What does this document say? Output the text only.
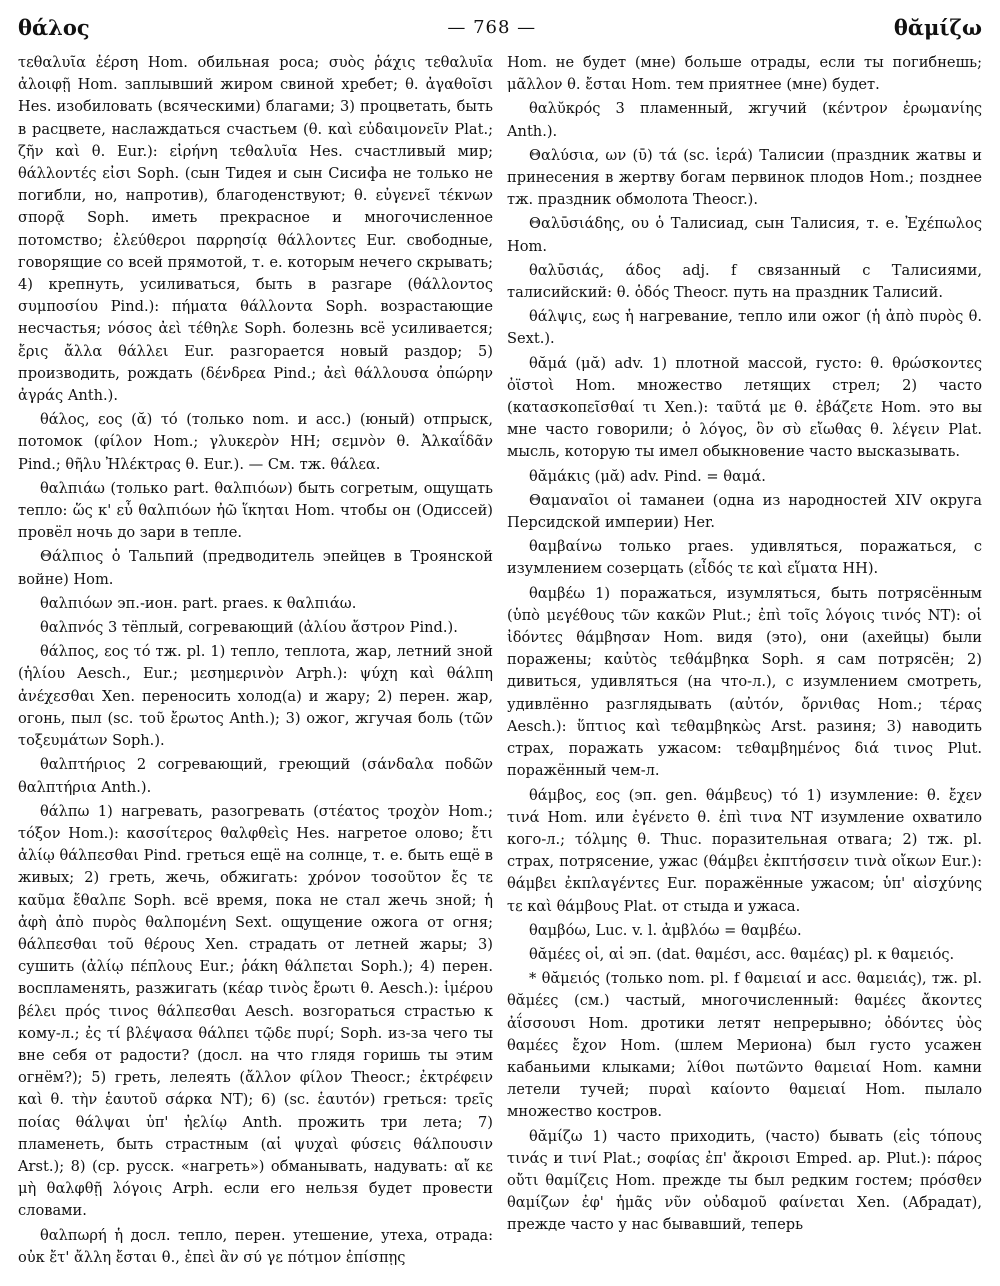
θάλος	— 768 —	θᾰμίζω

τεθαλυῖα ἐέρση Hom. обильная роса; συὸς ῥάχις τεθαλυῖα ἀλοιφῇ Hom. заплывший жиром свиной хребет; θ. ἀγαθοῖσι Hes. изобиловать (всяческими) благами; 3) процветать, быть в расцвете, наслаждаться счастьем (θ. καὶ εὐδαιμονεῖν Plat.; ζῆν καὶ θ. Eur.): εἰρήνη τεθαλυῖα Hes. счастливый мир; θάλλοντές εἰσι Soph. (сын Тидея и сын Сисифа не только не погибли, но, напротив), благоденствуют; θ. εὐγενεῖ τέκνων σπορᾷ Soph. иметь прекрасное и многочисленное потомство; ἐλεύθεροι παρρησίᾳ θάλλοντες Eur. свободные, говорящие со всей прямотой, т. е. которым нечего скрывать; 4) крепнуть, усиливаться, быть в разгаре (θάλλοντος συμποσίου Pind.): πήματα θάλλοντα Soph. возрастающие несчастья; νόσος ἀεὶ τέθηλε Soph. болезнь всё усиливается; ἔρις ἄλλα θάλλει Eur. разгорается новый раздор; 5) производить, рождать (δένδρεα Pind.; ἀεὶ θάλλουσα ὀπώρην ἀγράς Anth.).

θάλος, εος (ᾰ) τό (только nom. и acc.) (юный) отпрыск, потомок (φίλον Hom.; γλυκερὸν HH; σεμνὸν θ. Ἀλκαΐδᾶν Pind.; θῆλυ Ἠλέκτρας θ. Eur.). — См. тж. θάλεα.

θαλπιάω (только part. θαλπιόων) быть согретым, ощущать тепло: ὥς κ' εὖ θαλπιόων ἠῶ ἵκηται Hom. чтобы он (Одиссей) провёл ночь до зари в тепле.

Θάλπιος ὁ Тальпий (предводитель эпейцев в Троянской войне) Hom.

θαλπιόων эп.-ион. part. praes. к θαλπιάω.

θαλπνός 3 тёплый, согревающий (ἀλίου ἄστρον Pind.).

θάλπος, εος τό тж. pl. 1) тепло, теплота, жар, летний зной (ἡλίου Aesch., Eur.; μεσημερινὸν Arph.): ψύχη καὶ θάλπη ἀνέχεσθαι Xen. переносить холод(а) и жару; 2) перен. жар, огонь, пыл (sc. τοῦ ἔρωτος Anth.); 3) ожог, жгучая боль (τῶν τοξευμάτων Soph.).

θαλπτήριος 2 согревающий, греющий (σάνδαλα ποδῶν θαλπτήρια Anth.).

θάλπω 1) нагревать, разогревать (στέατος τροχὸν Hom.; τόξον Hom.): κασσίτερος θαλφθεὶς Hes. нагретое олово; ἔτι ἀλίῳ θάλπεσθαι Pind. греться ещё на солнце, т. е. быть ещё в живых; 2) греть, жечь, обжигать: χρόνον τοσοῦτον ἔς τε καῦμα ἔθαλπε Soph. всё время, пока не стал жечь зной; ἡ ἀφὴ ἀπὸ πυρὸς θαλπομένη Sext. ощущение ожога от огня; θάλπεσθαι τοῦ θέρους Xen. страдать от летней жары; 3) сушить (ἀλίῳ πέπλους Eur.; ῥάκη θάλπεται Soph.); 4) перен. воспламенять, разжигать (κέαρ τινὸς ἔρωτι θ. Aesch.): ἱμέρου βέλει πρός τινος θάλπεσθαι Aesch. возгораться страстью к кому-л.; ἐς τί βλέψασα θάλπει τῷδε πυρί; Soph. из-за чего ты вне себя от радости? (досл. на что глядя горишь ты этим огнём?); 5) греть, лелеять (ἄλλον φίλον Theocr.; ἐκτρέφειν καὶ θ. τὴν ἑαυτοῦ σάρκα NT); 6) (sc. ἑαυτόν) греться: τρεῖς ποίας θάλψαι ὑπ' ἠελίῳ Anth. прожить три лета; 7) пламенеть, быть страстным (αἱ ψυχαὶ φύσεις θάλπουσιν Arst.); 8) (ср. русск. «нагреть») обманывать, надувать: αἴ κε μὴ θαλφθῇ λόγοις Arph. если его нельзя будет провести словами.

θαλπωρή ἡ досл. тепло, перен. утешение, утеха, отрада: οὐκ ἔτ' ἄλλη ἔσται θ., ἐπεὶ ἂν σύ γε πότμον ἐπίσπῃς

Hom. не будет (мне) больше отрады, если ты погибнешь; μᾶλλον θ. ἔσται Hom. тем приятнее (мне) будет.

θαλῠκρός 3 пламенный, жгучий (κέντρον ἐρωμανίης Anth.).

Θαλύσια, ων (ῡ) τά (sc. ἱερά) Талисии (праздник жатвы и принесения в жертву богам первинок плодов Hom.; позднее тж. праздник обмолота Theocr.).

Θαλῡσιάδης, ου ὁ Талисиад, сын Талисия, т. е. Ἐχέπωλος Hom.

θαλῡσιάς, άδος adj. f связанный с Талисиями, талисийский: θ. ὁδός Theocr. путь на праздник Талисий.

θάλψις, εως ἡ нагревание, тепло или ожог (ἡ ἀπὸ πυρὸς θ. Sext.).

θᾰμά (μᾰ) adv. 1) плотной массой, густо: θ. θρώσκοντες ὀϊστοὶ Hom. множество летящих стрел; 2) часто (κατασκοπεῖσθαί τι Xen.): ταῦτά με θ. ἐβάζετε Hom. это вы мне часто говорили; ὁ λόγος, ὃν σὺ εἴωθας θ. λέγειν Plat. мысль, которую ты имел обыкновение часто высказывать.

θᾰμάκις (μᾰ) adv. Pind. = θαμά.

Θαμαναῖοι οἱ таманеи (одна из народностей XIV округа Персидской империи) Her.

θαμβαίνω только praes. удивляться, поражаться, с изумлением созерцать (εἶδός τε καὶ εἵματα HH).

θαμβέω 1) поражаться, изумляться, быть потрясённым (ὑπὸ μεγέθους τῶν κακῶν Plut.; ἐπὶ τοῖς λόγοις τινός NT): οἱ ἰδόντες θάμβησαν Hom. видя (это), они (ахейцы) были поражены; καὐτὸς τεθάμβηκα Soph. я сам потрясён; 2) дивиться, удивляться (на что-л.), с изумлением смотреть, удивлённо разглядывать (αὐτόν, ὄρνιθας Hom.; τέρας Aesch.): ὕπτιος καὶ τεθαμβηκὼς Arst. разиня; 3) наводить страх, поражать ужасом: τεθαμβημένος διά τινος Plut. поражённый чем-л.

θάμβος, εος (эп. gen. θάμβευς) τό 1) изумление: θ. ἔχεν τινά Hom. или ἐγένετο θ. ἐπὶ τινα NT изумление охватило кого-л.; τόλμης θ. Thuc. поразительная отвага; 2) тж. pl. страх, потрясение, ужас (θάμβει ἐκπτήσσειν τινὰ οἴκων Eur.): θάμβει ἐκπλαγέντες Eur. поражённые ужасом; ὑπ' αἰσχύνης τε καὶ θάμβους Plat. от стыда и ужаса.

θαμβόω, Luc. v. l. ἀμβλόω = θαμβέω.

θᾰμέες οἱ, αἱ эп. (dat. θαμέσι, acc. θαμέας) pl. к θαμειός.

* θᾰμειός (только nom. pl. f θαμειαί и acc. θαμειάς), тж. pl. θᾰμέες (см.) частый, многочисленный: θαμέες ἄκοντες ἀΐσσουσι Hom. дротики летят непрерывно; ὀδόντες ὑὸς θαμέες ἔχον Hom. (шлем Мериона) был густо усажен кабаньими клыками; λίθοι πωτῶντο θαμειαί Hom. камни летели тучей; πυραὶ καίοντο θαμειαί Hom. пылало множество костров.

θᾰμίζω 1) часто приходить, (часто) бывать (εἰς τόπους τινάς и τινί Plat.; σοφίας ἐπ' ἄκροισι Emped. ap. Plut.): πάρος οὔτι θαμίζεις Hom. прежде ты был редким гостем; πρόσθεν θαμίζων ἐφ' ἡμᾶς νῦν οὐδαμοῦ φαίνεται Xen. (Абрадат), прежде часто у нас бывавший, теперь
